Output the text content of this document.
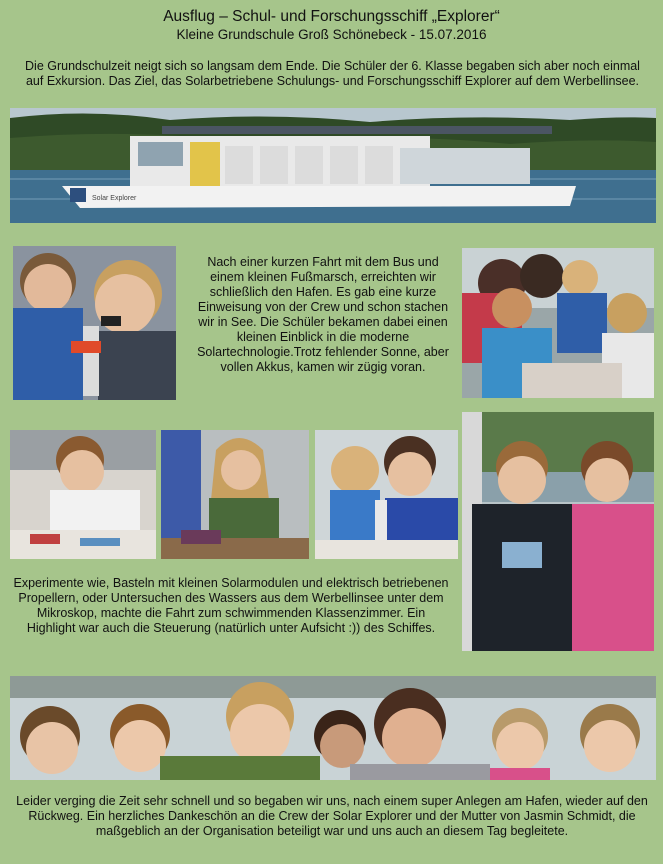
Ausflug – Schul- und Forschungsschiff „Explorer“
Kleine Grundschule Groß Schönebeck - 15.07.2016
Die Grundschulzeit neigt sich so langsam dem Ende. Die Schüler der 6. Klasse begaben sich aber noch einmal auf Exkursion. Das Ziel, das Solarbetriebene Schulungs- und Forschungsschiff Explorer auf dem Werbellinsee.
Solar Explorer
Nach einer kurzen Fahrt mit dem Bus und einem kleinen Fußmarsch, erreichten wir schließlich den Hafen. Es gab eine kurze Einweisung von der Crew und schon stachen wir in See. Die Schüler bekamen dabei einen kleinen Einblick in die moderne Solartechnologie.Trotz fehlender Sonne, aber vollen Akkus, kamen wir zügig voran.
Experimente wie, Basteln mit kleinen Solarmodulen und elektrisch betriebenen Propellern, oder Untersuchen des Wassers aus dem Werbellinsee unter dem Mikroskop, machte die Fahrt zum schwimmenden Klassenzimmer. Ein Highlight war auch die Steuerung (natürlich unter Aufsicht :)) des Schiffes.
Leider verging die Zeit sehr schnell und so begaben wir uns, nach einem super Anlegen am Hafen, wieder auf den Rückweg. Ein herzliches Dankeschön an die Crew der Solar Explorer und der Mutter von Jasmin Schmidt, die maßgeblich an der Organisation beteiligt war und uns auch an diesem Tag begleitete.
